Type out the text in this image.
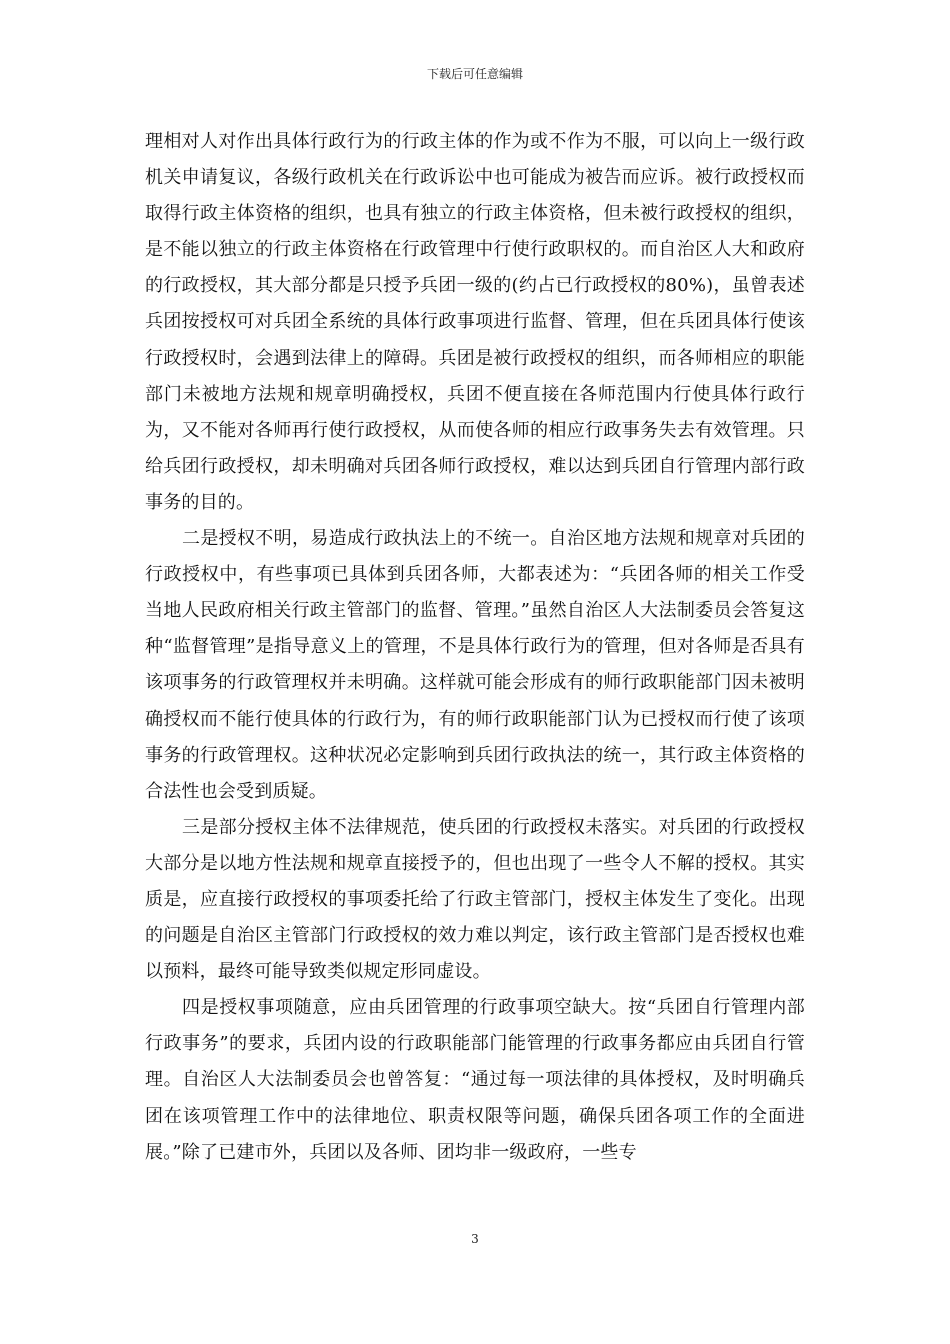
下载后可任意编辑

理相对人对作出具体行政行为的行政主体的作为或不作为不服，可以向上一级行政机关申请复议，各级行政机关在行政诉讼中也可能成为被告而应诉。被行政授权而取得行政主体资格的组织，也具有独立的行政主体资格，但未被行政授权的组织，是不能以独立的行政主体资格在行政管理中行使行政职权的。而自治区人大和政府的行政授权，其大部分都是只授予兵团一级的(约占已行政授权的80%)，虽曾表述兵团按授权可对兵团全系统的具体行政事项进行监督、管理，但在兵团具体行使该行政授权时，会遇到法律上的障碍。兵团是被行政授权的组织，而各师相应的职能部门未被地方法规和规章明确授权，兵团不便直接在各师范围内行使具体行政行为，又不能对各师再行使行政授权，从而使各师的相应行政事务失去有效管理。只给兵团行政授权，却未明确对兵团各师行政授权，难以达到兵团自行管理内部行政事务的目的。

二是授权不明，易造成行政执法上的不统一。自治区地方法规和规章对兵团的行政授权中，有些事项已具体到兵团各师，大都表述为：“兵团各师的相关工作受当地人民政府相关行政主管部门的监督、管理。”虽然自治区人大法制委员会答复这种“监督管理”是指导意义上的管理，不是具体行政行为的管理，但对各师是否具有该项事务的行政管理权并未明确。这样就可能会形成有的师行政职能部门因未被明确授权而不能行使具体的行政行为，有的师行政职能部门认为已授权而行使了该项事务的行政管理权。这种状况必定影响到兵团行政执法的统一，其行政主体资格的合法性也会受到质疑。

三是部分授权主体不法律规范，使兵团的行政授权未落实。对兵团的行政授权大部分是以地方性法规和规章直接授予的，但也出现了一些令人不解的授权。其实质是，应直接行政授权的事项委托给了行政主管部门，授权主体发生了变化。出现的问题是自治区主管部门行政授权的效力难以判定，该行政主管部门是否授权也难以预料，最终可能导致类似规定形同虚设。

四是授权事项随意，应由兵团管理的行政事项空缺大。按“兵团自行管理内部行政事务”的要求，兵团内设的行政职能部门能管理的行政事务都应由兵团自行管理。自治区人大法制委员会也曾答复：“通过每一项法律的具体授权，及时明确兵团在该项管理工作中的法律地位、职责权限等问题，确保兵团各项工作的全面进展。”除了已建市外，兵团以及各师、团均非一级政府，一些专

3
